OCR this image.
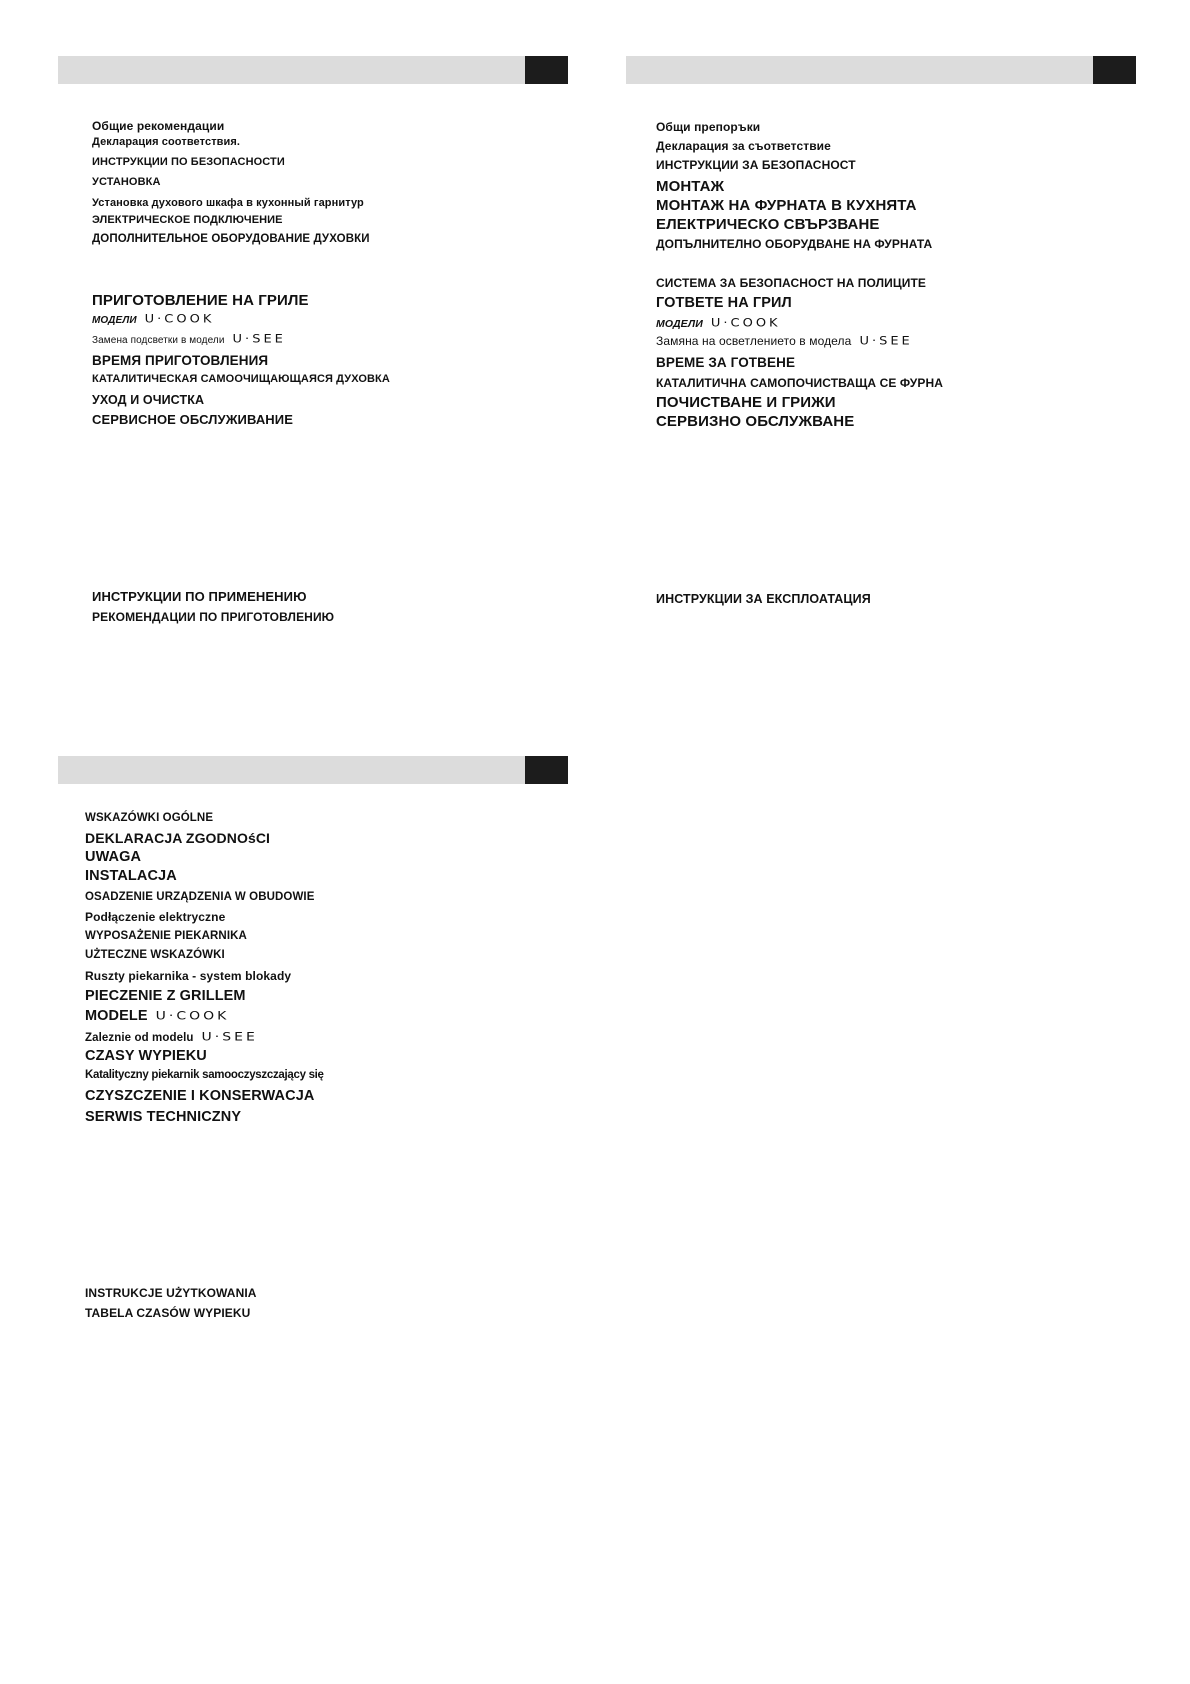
Общие рекомендации
Декларация соответствия.
ИНСТРУКЦИИ ПО БЕЗОПАСНОСТИ
УСТАНОВКА
Установка духового шкафа в кухонный гарнитур
ЭЛЕКТРИЧЕСКОЕ ПОДКЛЮЧЕНИЕ
ДОПОЛНИТЕЛЬНОЕ ОБОРУДОВАНИЕ ДУХОВКИ
ПРИГОТОВЛЕНИЕ НА ГРИЛЕ
МОДЕЛИ U·COOK
Замена подсветки в модели U·SEE
ВРЕМЯ ПРИГОТОВЛЕНИЯ
КАТАЛИТИЧЕСКАЯ САМООЧИЩАЮЩАЯСЯ ДУХОВКА
УХОД И ОЧИСТКА
СЕРВИСНОЕ ОБСЛУЖИВАНИЕ
ИНСТРУКЦИИ ПО ПРИМЕНЕНИЮ
РЕКОМЕНДАЦИИ ПО ПРИГОТОВЛЕНИЮ
Общи препоръки
Декларация за съответствие
ИНСТРУКЦИИ ЗА БЕЗОПАСНОСТ
МОНТАЖ
МОНТАЖ НА ФУРНАТА В КУХНЯТА
ЕЛЕКТРИЧЕСКО СВЪРЗВАНЕ
ДОПЪЛНИТЕЛНО ОБОРУДВАНЕ НА ФУРНАТА
СИСТЕМА ЗА БЕЗОПАСНОСТ НА ПОЛИЦИТЕ
ГОТВЕТЕ НА ГРИЛ
МОДЕЛИ U·COOK
Замяна на осветлението в модела U·SEE
ВРЕМЕ ЗА ГОТВЕНЕ
КАТАЛИТИЧНА САМОПОЧИСТВАЩА СЕ ФУРНА
ПОЧИСТВАНЕ И ГРИЖИ
СЕРВИЗНО ОБСЛУЖВАНЕ
ИНСТРУКЦИИ ЗА ЕКСПЛОАТАЦИЯ
WSKAZÓWKI OGÓLNE
DEKLARACJA ZGODNOśCI
UWAGA
INSTALACJA
OSADZENIE URZĄDZENIA W OBUDOWIE
Podłączenie elektryczne
WYPOSAŻENIE PIEKARNIKA
UŻTECZNE WSKAZÓWKI
Ruszty piekarnika - system blokady
PIECZENIE Z GRILLEM
MODELE U·COOK
Zaleznie od modelu U·SEE
CZASY WYPIEKU
Katalityczny piekarnik samooczyszczający się
CZYSZCZENIE I KONSERWACJA
SERWIS TECHNICZNY
INSTRUKCJE UŻYTKOWANIA
TABELA CZASÓW WYPIEKU
